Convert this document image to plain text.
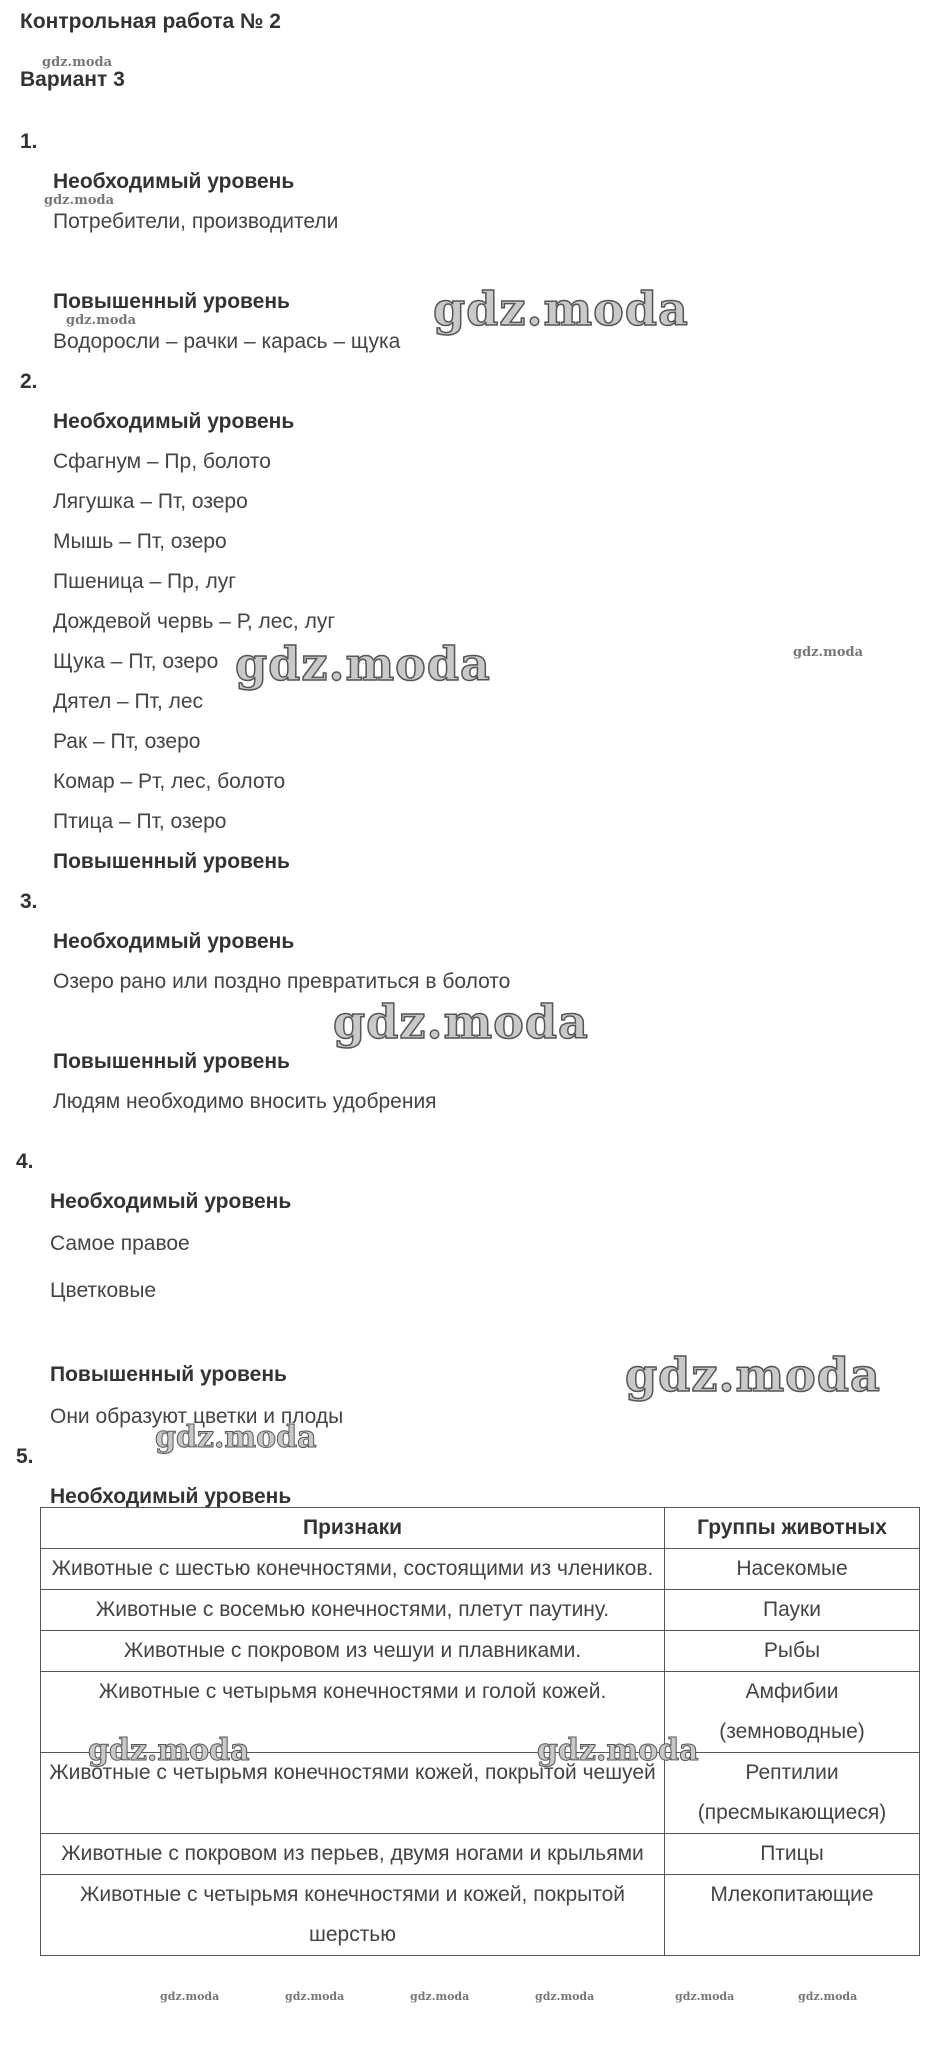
Контрольная работа № 2
Вариант 3
1.
Необходимый уровень
Потребители, производители
Повышенный уровень
Водоросли – рачки – карась – щука
2.
Необходимый уровень
Сфагнум – Пр, болото
Лягушка – Пт, озеро
Мышь – Пт, озеро
Пшеница – Пр, луг
Дождевой червь – Р, лес, луг
Щука – Пт, озеро
Дятел – Пт, лес
Рак – Пт, озеро
Комар – Рт, лес, болото
Птица – Пт, озеро
Повышенный уровень
3.
Необходимый уровень
Озеро рано или поздно превратиться в болото
Повышенный уровень
Людям необходимо вносить удобрения
4.
Необходимый уровень
Самое правое
Цветковые
Повышенный уровень
Они образуют цветки и плоды
5.
Необходимый уровень
Признаки	Группы животных
Животные с шестью конечностями, состоящими из члеников.	Насекомые
Животные с восемью конечностями, плетут паутину.	Пауки
Животные с покровом из чешуи и плавниками.	Рыбы
Животные с четырьмя конечностями и голой кожей.	Амфибии (земноводные)
Животные с четырьмя конечностями кожей, покрытой чешуей	Рептилии (пресмыкающиеся)
Животные с покровом из перьев, двумя ногами и крыльями	Птицы
Животные с четырьмя конечностями и кожей, покрытой шерстью	Млекопитающие
gdz.moda
gdz.moda
gdz.moda	gdz.moda
gdz.moda	gdz.moda
gdz.moda
gdz.moda
gdz.moda
gdz.moda	gdz.moda
gdz.moda	gdz.moda	gdz.moda	gdz.moda	gdz.moda	gdz.moda
